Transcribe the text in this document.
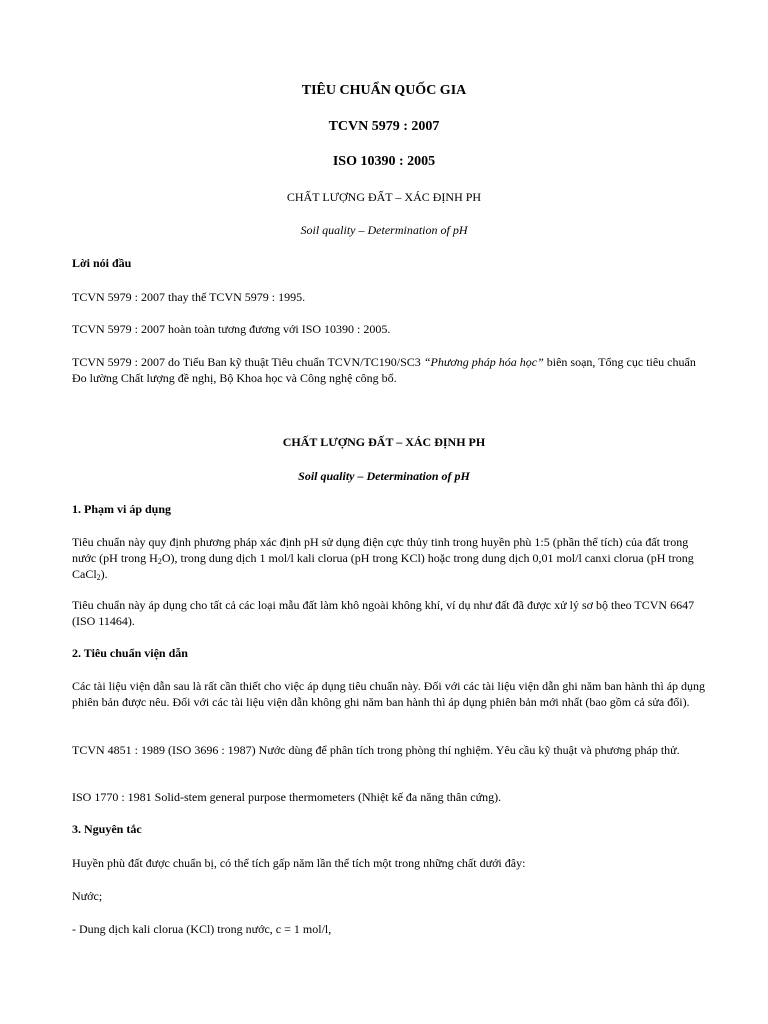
TIÊU CHUẨN QUỐC GIA

TCVN 5979 : 2007

ISO 10390 : 2005

CHẤT LƯỢNG ĐẤT – XÁC ĐỊNH PH

Soil quality – Determination of pH

Lời nói đầu

TCVN 5979 : 2007 thay thế TCVN 5979 : 1995.

TCVN 5979 : 2007 hoàn toàn tương đương với ISO 10390 : 2005.

TCVN 5979 : 2007 do Tiểu Ban kỹ thuật Tiêu chuẩn TCVN/TC190/SC3 “Phương pháp hóa học” biên soạn, Tổng cục tiêu chuẩn Đo lường Chất lượng đề nghị, Bộ Khoa học và Công nghệ công bố.

CHẤT LƯỢNG ĐẤT – XÁC ĐỊNH PH

Soil quality – Determination of pH

1. Phạm vi áp dụng

Tiêu chuẩn này quy định phương pháp xác định pH sử dụng điện cực thủy tinh trong huyền phù 1:5 (phần thể tích) của đất trong nước (pH trong $H_2O$), trong dung dịch 1 mol/l kali clorua (pH trong KCl) hoặc trong dung dịch 0,01 mol/l canxi clorua (pH trong CaCl$_2$).

Tiêu chuẩn này áp dụng cho tất cả các loại mẫu đất làm khô ngoài không khí, ví dụ như đất đã được xử lý sơ bộ theo TCVN 6647 (ISO 11464).

2. Tiêu chuẩn viện dẫn

Các tài liệu viện dẫn sau là rất cần thiết cho việc áp dụng tiêu chuẩn này. Đối với các tài liệu viện dẫn ghi năm ban hành thì áp dụng phiên bản được nêu. Đối với các tài liệu viện dẫn không ghi năm ban hành thì áp dụng phiên bản mới nhất (bao gồm cả sửa đổi).

TCVN 4851 : 1989 (ISO 3696 : 1987) Nước dùng để phân tích trong phòng thí nghiệm. Yêu cầu kỹ thuật và phương pháp thử.

ISO 1770 : 1981 Solid-stem general purpose thermometers (Nhiệt kế đa năng thân cứng).

3. Nguyên tắc

Huyền phù đất được chuẩn bị, có thể tích gấp năm lần thể tích một trong những chất dưới đây:

Nước;

- Dung dịch kali clorua (KCl) trong nước, c = 1 mol/l,
